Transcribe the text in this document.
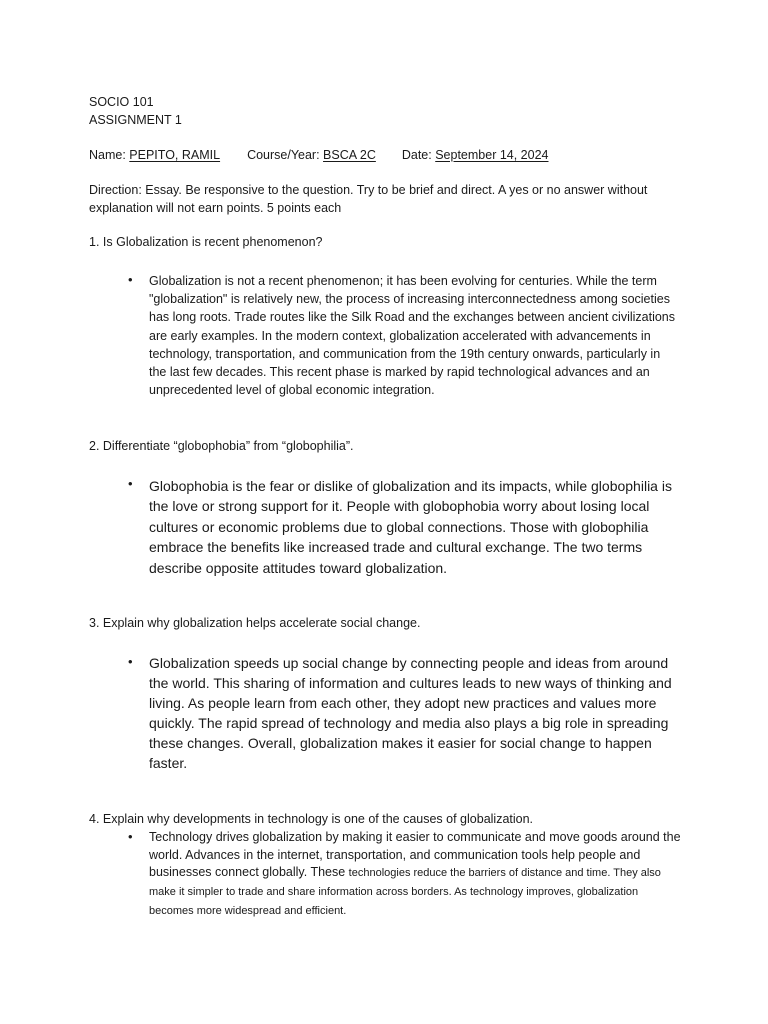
SOCIO 101
ASSIGNMENT 1
Name: PEPITO, RAMIL Course/Year: BSCA 2C Date: September 14, 2024
Direction: Essay. Be responsive to the question. Try to be brief and direct. A yes or no answer without explanation will not earn points. 5 points each
1. Is Globalization is recent phenomenon?
• Globalization is not a recent phenomenon; it has been evolving for centuries. While the term "globalization" is relatively new, the process of increasing interconnectedness among societies has long roots. Trade routes like the Silk Road and the exchanges between ancient civilizations are early examples. In the modern context, globalization accelerated with advancements in technology, transportation, and communication from the 19th century onwards, particularly in the last few decades. This recent phase is marked by rapid technological advances and an unprecedented level of global economic integration.

2. Differentiate “globophobia” from “globophilia”.
• Globophobia is the fear or dislike of globalization and its impacts, while globophilia is the love or strong support for it. People with globophobia worry about losing local cultures or economic problems due to global connections. Those with globophilia embrace the benefits like increased trade and cultural exchange. The two terms describe opposite attitudes toward globalization.

3. Explain why globalization helps accelerate social change.
• Globalization speeds up social change by connecting people and ideas from around the world. This sharing of information and cultures leads to new ways of thinking and living. As people learn from each other, they adopt new practices and values more quickly. The rapid spread of technology and media also plays a big role in spreading these changes. Overall, globalization makes it easier for social change to happen faster.

4. Explain why developments in technology is one of the causes of globalization.
• Technology drives globalization by making it easier to communicate and move goods around the world. Advances in the internet, transportation, and communication tools help people and businesses connect globally. These technologies reduce the barriers of distance and time. They also make it simpler to trade and share information across borders. As technology improves, globalization becomes more widespread and efficient.
